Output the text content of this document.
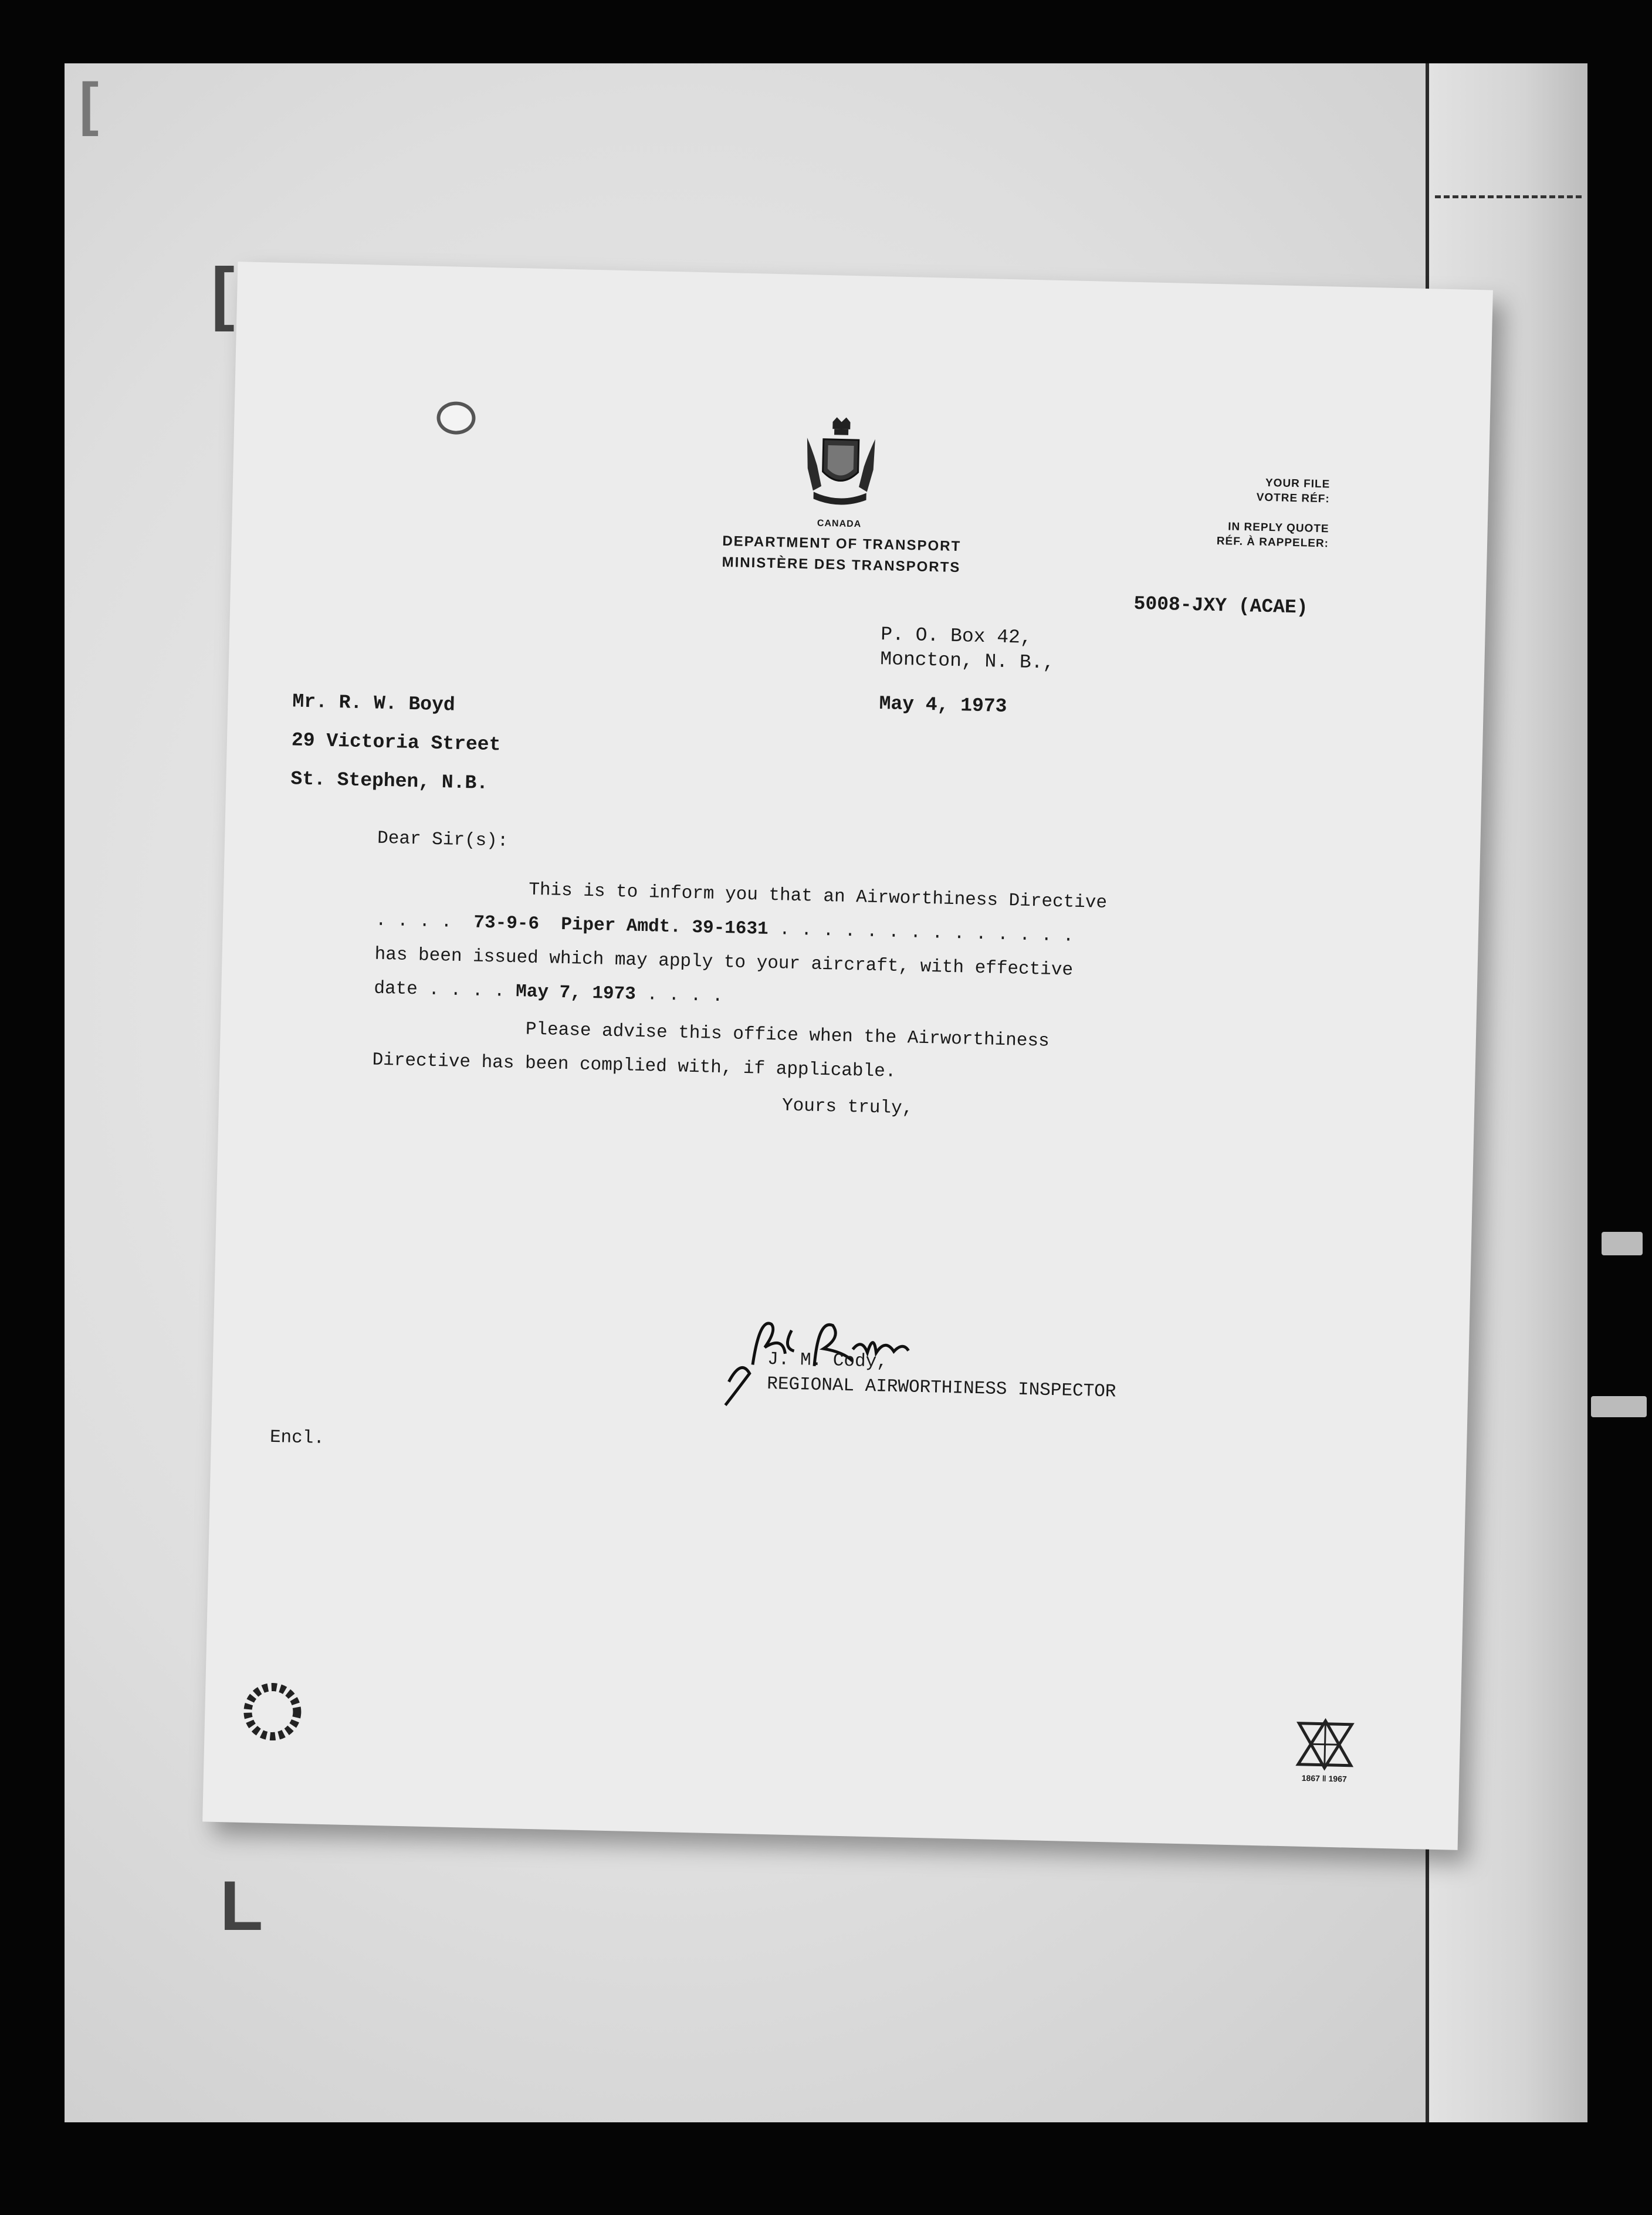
[
L
[
CANADA
DEPARTMENT OF TRANSPORT
MINISTÈRE DES TRANSPORTS
YOUR FILE
VOTRE RÉF:
IN REPLY QUOTE
RÉF. À RAPPELER:
5008-JXY (ACAE)
P. O. Box 42,
Moncton, N. B.,
May 4, 1973
Mr. R. W. Boyd
29 Victoria Street
St. Stephen, N.B.
Dear Sir(s):
This is to inform you that an Airworthiness Directive
. . . . 73-9-6 Piper Amdt. 39-1631 . . . . . . . . . . . . . .
has been issued which may apply to your aircraft, with effective
date . . . . May 7, 1973 . . . .
Please advise this office when the Airworthiness
Directive has been complied with, if applicable.
Yours truly,
J. M. Cody,
REGIONAL AIRWORTHINESS INSPECTOR
Encl.
1867 ‖ 1967
